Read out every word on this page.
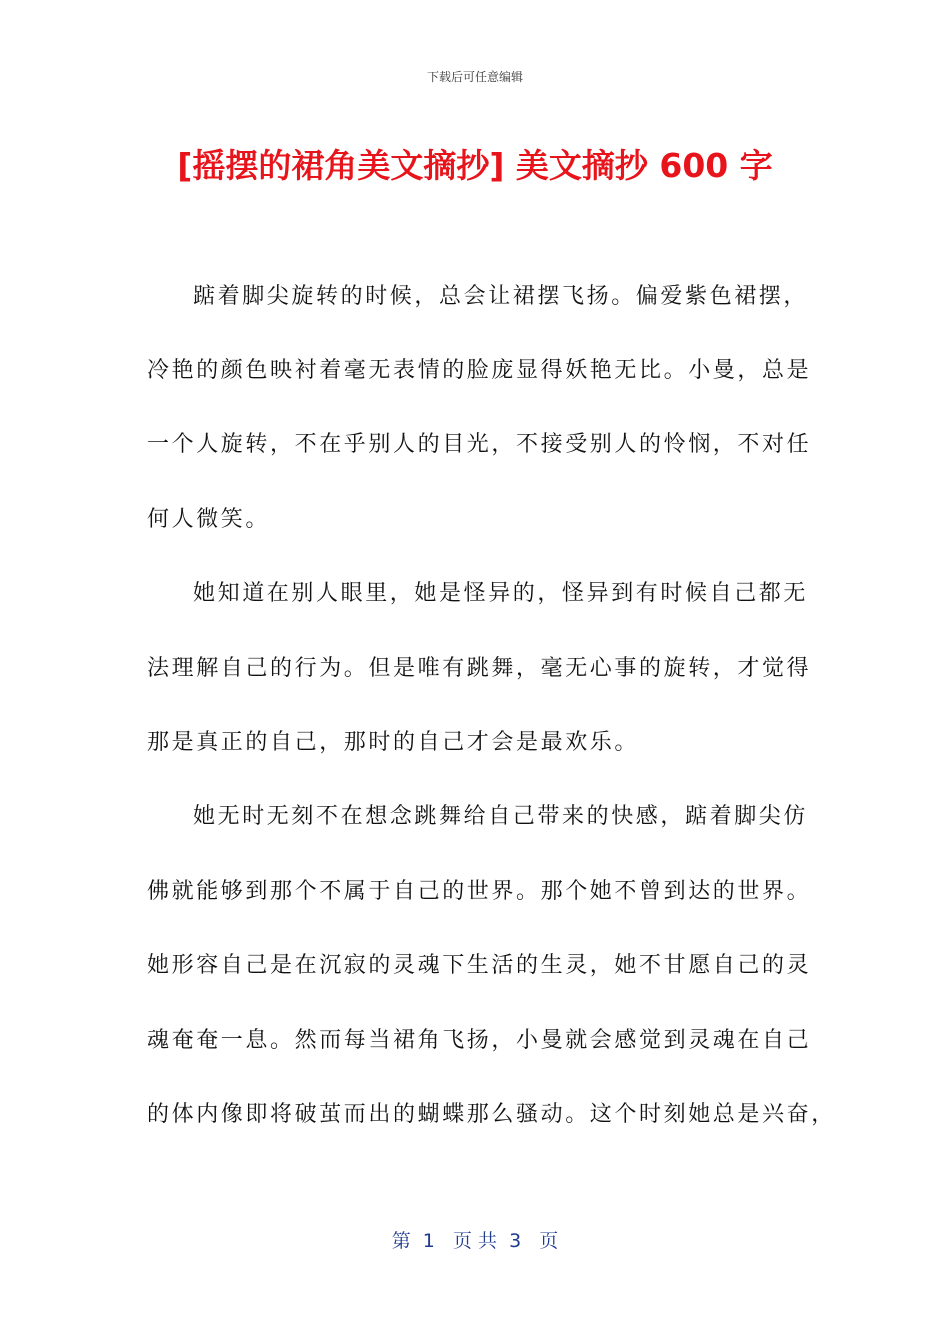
下载后可任意编辑
[摇摆的裙角美文摘抄] 美文摘抄 600 字
踮着脚尖旋转的时候，总会让裙摆飞扬。偏爱紫色裙摆，
冷艳的颜色映衬着毫无表情的脸庞显得妖艳无比。小曼，总是
一个人旋转，不在乎别人的目光，不接受别人的怜悯，不对任
何人微笑。
她知道在别人眼里，她是怪异的，怪异到有时候自己都无
法理解自己的行为。但是唯有跳舞，毫无心事的旋转，才觉得
那是真正的自己，那时的自己才会是最欢乐。
她无时无刻不在想念跳舞给自己带来的快感，踮着脚尖仿
佛就能够到那个不属于自己的世界。那个她不曾到达的世界。
她形容自己是在沉寂的灵魂下生活的生灵，她不甘愿自己的灵
魂奄奄一息。然而每当裙角飞扬，小曼就会感觉到灵魂在自己
的体内像即将破茧而出的蝴蝶那么骚动。这个时刻她总是兴奋，
第  1   页 共  3   页
